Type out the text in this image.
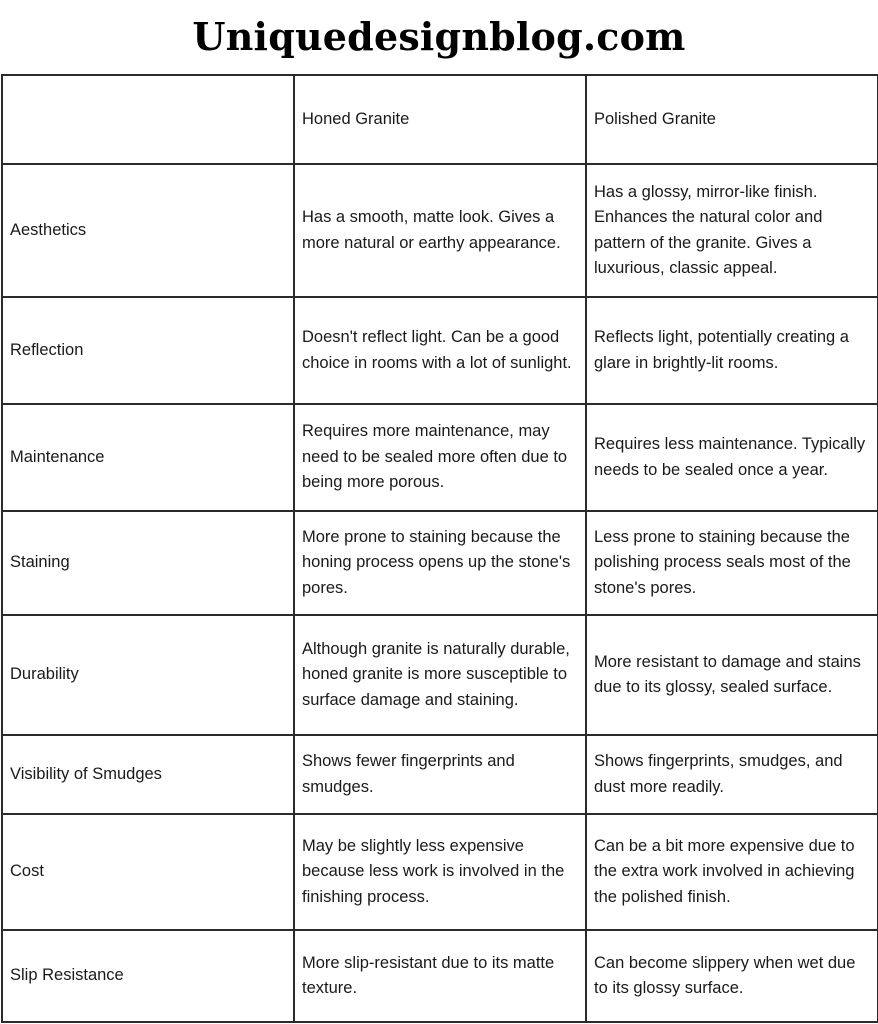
Uniquedesignblog.com
	Honed Granite	Polished Granite
Aesthetics	Has a smooth, matte look. Gives a more natural or earthy appearance.	Has a glossy, mirror-like finish. Enhances the natural color and pattern of the granite. Gives a luxurious, classic appeal.
Reflection	Doesn't reflect light. Can be a good choice in rooms with a lot of sunlight.	Reflects light, potentially creating a glare in brightly-lit rooms.
Maintenance	Requires more maintenance, may need to be sealed more often due to being more porous.	Requires less maintenance. Typically needs to be sealed once a year.
Staining	More prone to staining because the honing process opens up the stone's pores.	Less prone to staining because the polishing process seals most of the stone's pores.
Durability	Although granite is naturally durable, honed granite is more susceptible to surface damage and staining.	More resistant to damage and stains due to its glossy, sealed surface.
Visibility of Smudges	Shows fewer fingerprints and smudges.	Shows fingerprints, smudges, and dust more readily.
Cost	May be slightly less expensive because less work is involved in the finishing process.	Can be a bit more expensive due to the extra work involved in achieving the polished finish.
Slip Resistance	More slip-resistant due to its matte texture.	Can become slippery when wet due to its glossy surface.
